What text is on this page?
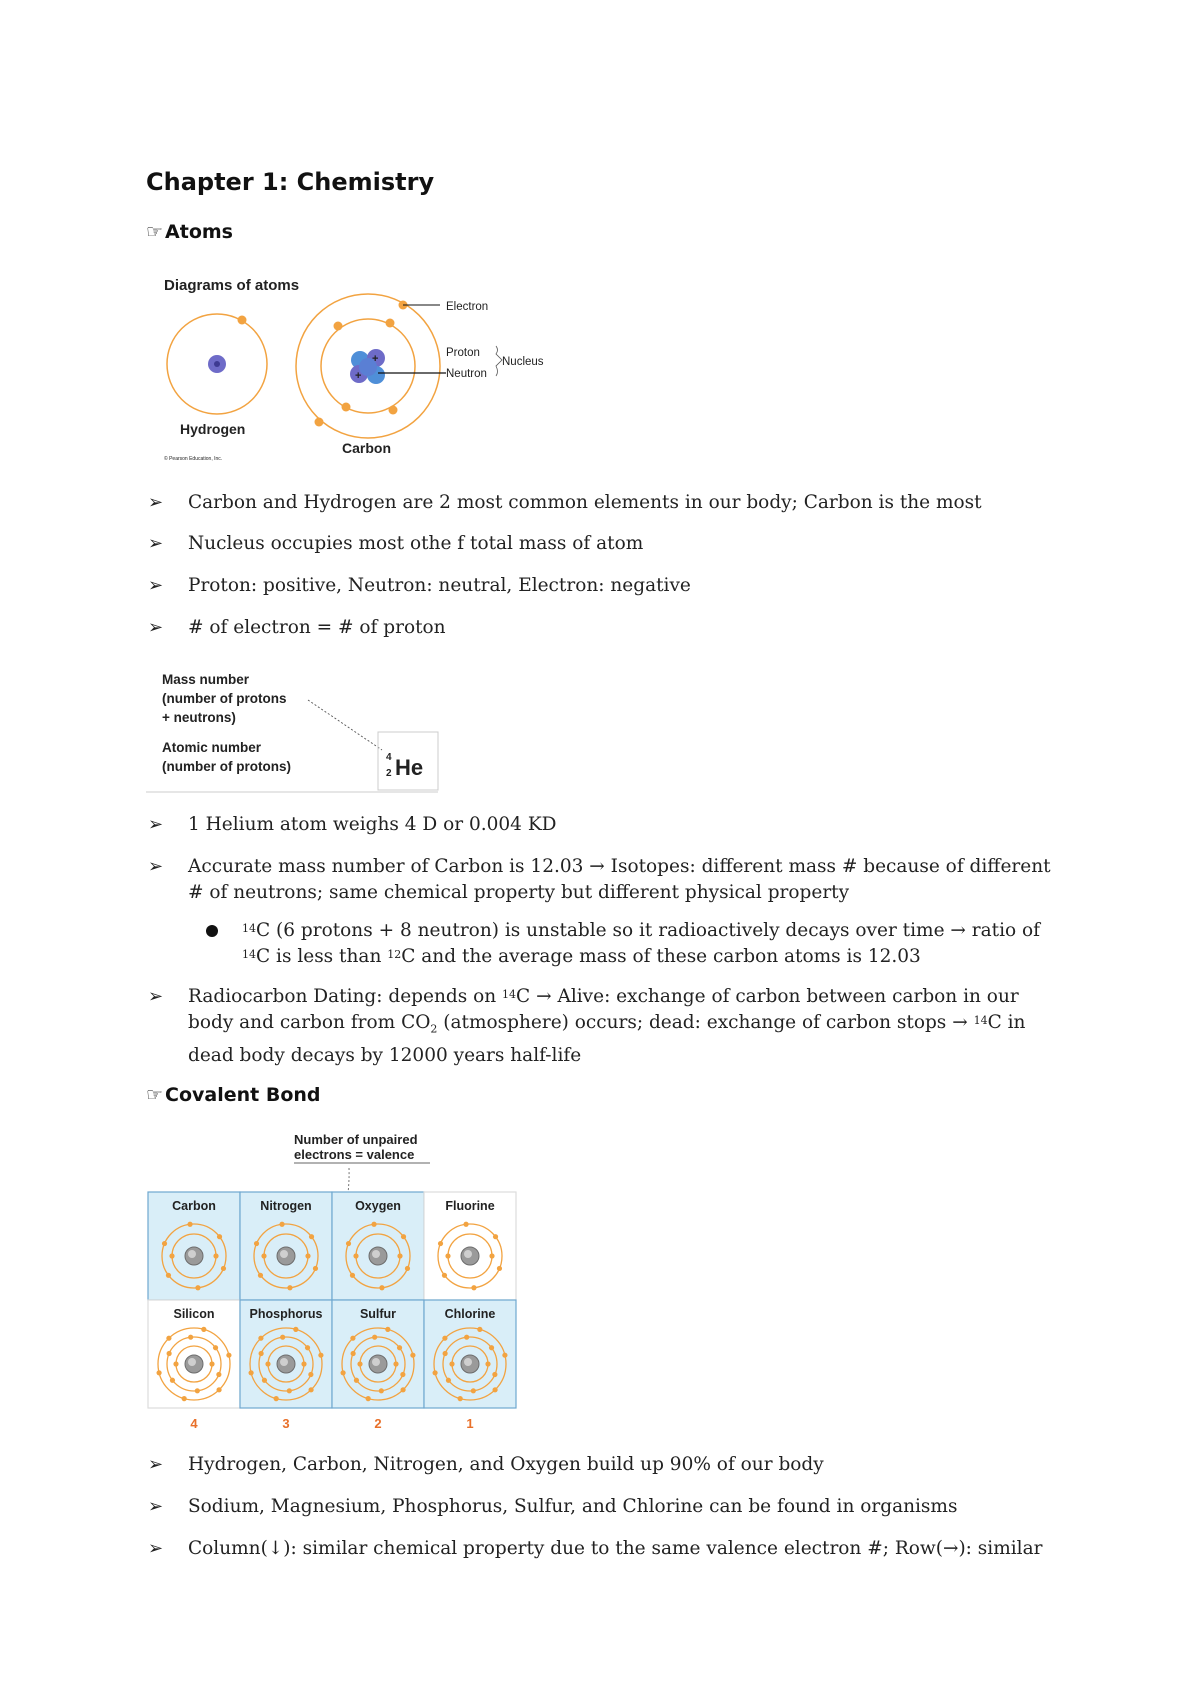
Chapter 1: Chemistry
☞ Atoms
Diagrams of atoms
Hydrogen
© Pearson Education, Inc.
+
+
Electron
Proton
Neutron
Nucleus
Carbon
➢ Carbon and Hydrogen are 2 most common elements in our body; Carbon is the most
➢ Nucleus occupies most othe f total mass of atom
➢ Proton: positive, Neutron: neutral, Electron: negative
➢ # of electron = # of proton
Mass number
(number of protons
+ neutrons)
Atomic number
(number of protons)
4
2 He
➢ 1 Helium atom weighs 4 D or 0.004 KD
➢ Accurate mass number of Carbon is 12.03 → Isotopes: different mass # because of different # of neutrons; same chemical property but different physical property
$^{14}$C (6 protons + 8 neutron) is unstable so it radioactively decays over time → ratio of $^{14}$C is less than $^{12}$C and the average mass of these carbon atoms is 12.03
➢ Radiocarbon Dating: depends on $^{14}$C → Alive: exchange of carbon between carbon in our body and carbon from $CO_2$ (atmosphere) occurs; dead: exchange of carbon stops → $^{14}$C in dead body decays by 12000 years half-life
☞ Covalent Bond
Number of unpaired
electrons = valence
Carbon	Nitrogen	Oxygen	Fluorine
Silicon	Phosphorus	Sulfur	Chlorine
4	3	2	1
➢ Hydrogen, Carbon, Nitrogen, and Oxygen build up 90% of our body
➢ Sodium, Magnesium, Phosphorus, Sulfur, and Chlorine can be found in organisms
➢ Column(↓): similar chemical property due to the same valence electron #; Row(→): similar
